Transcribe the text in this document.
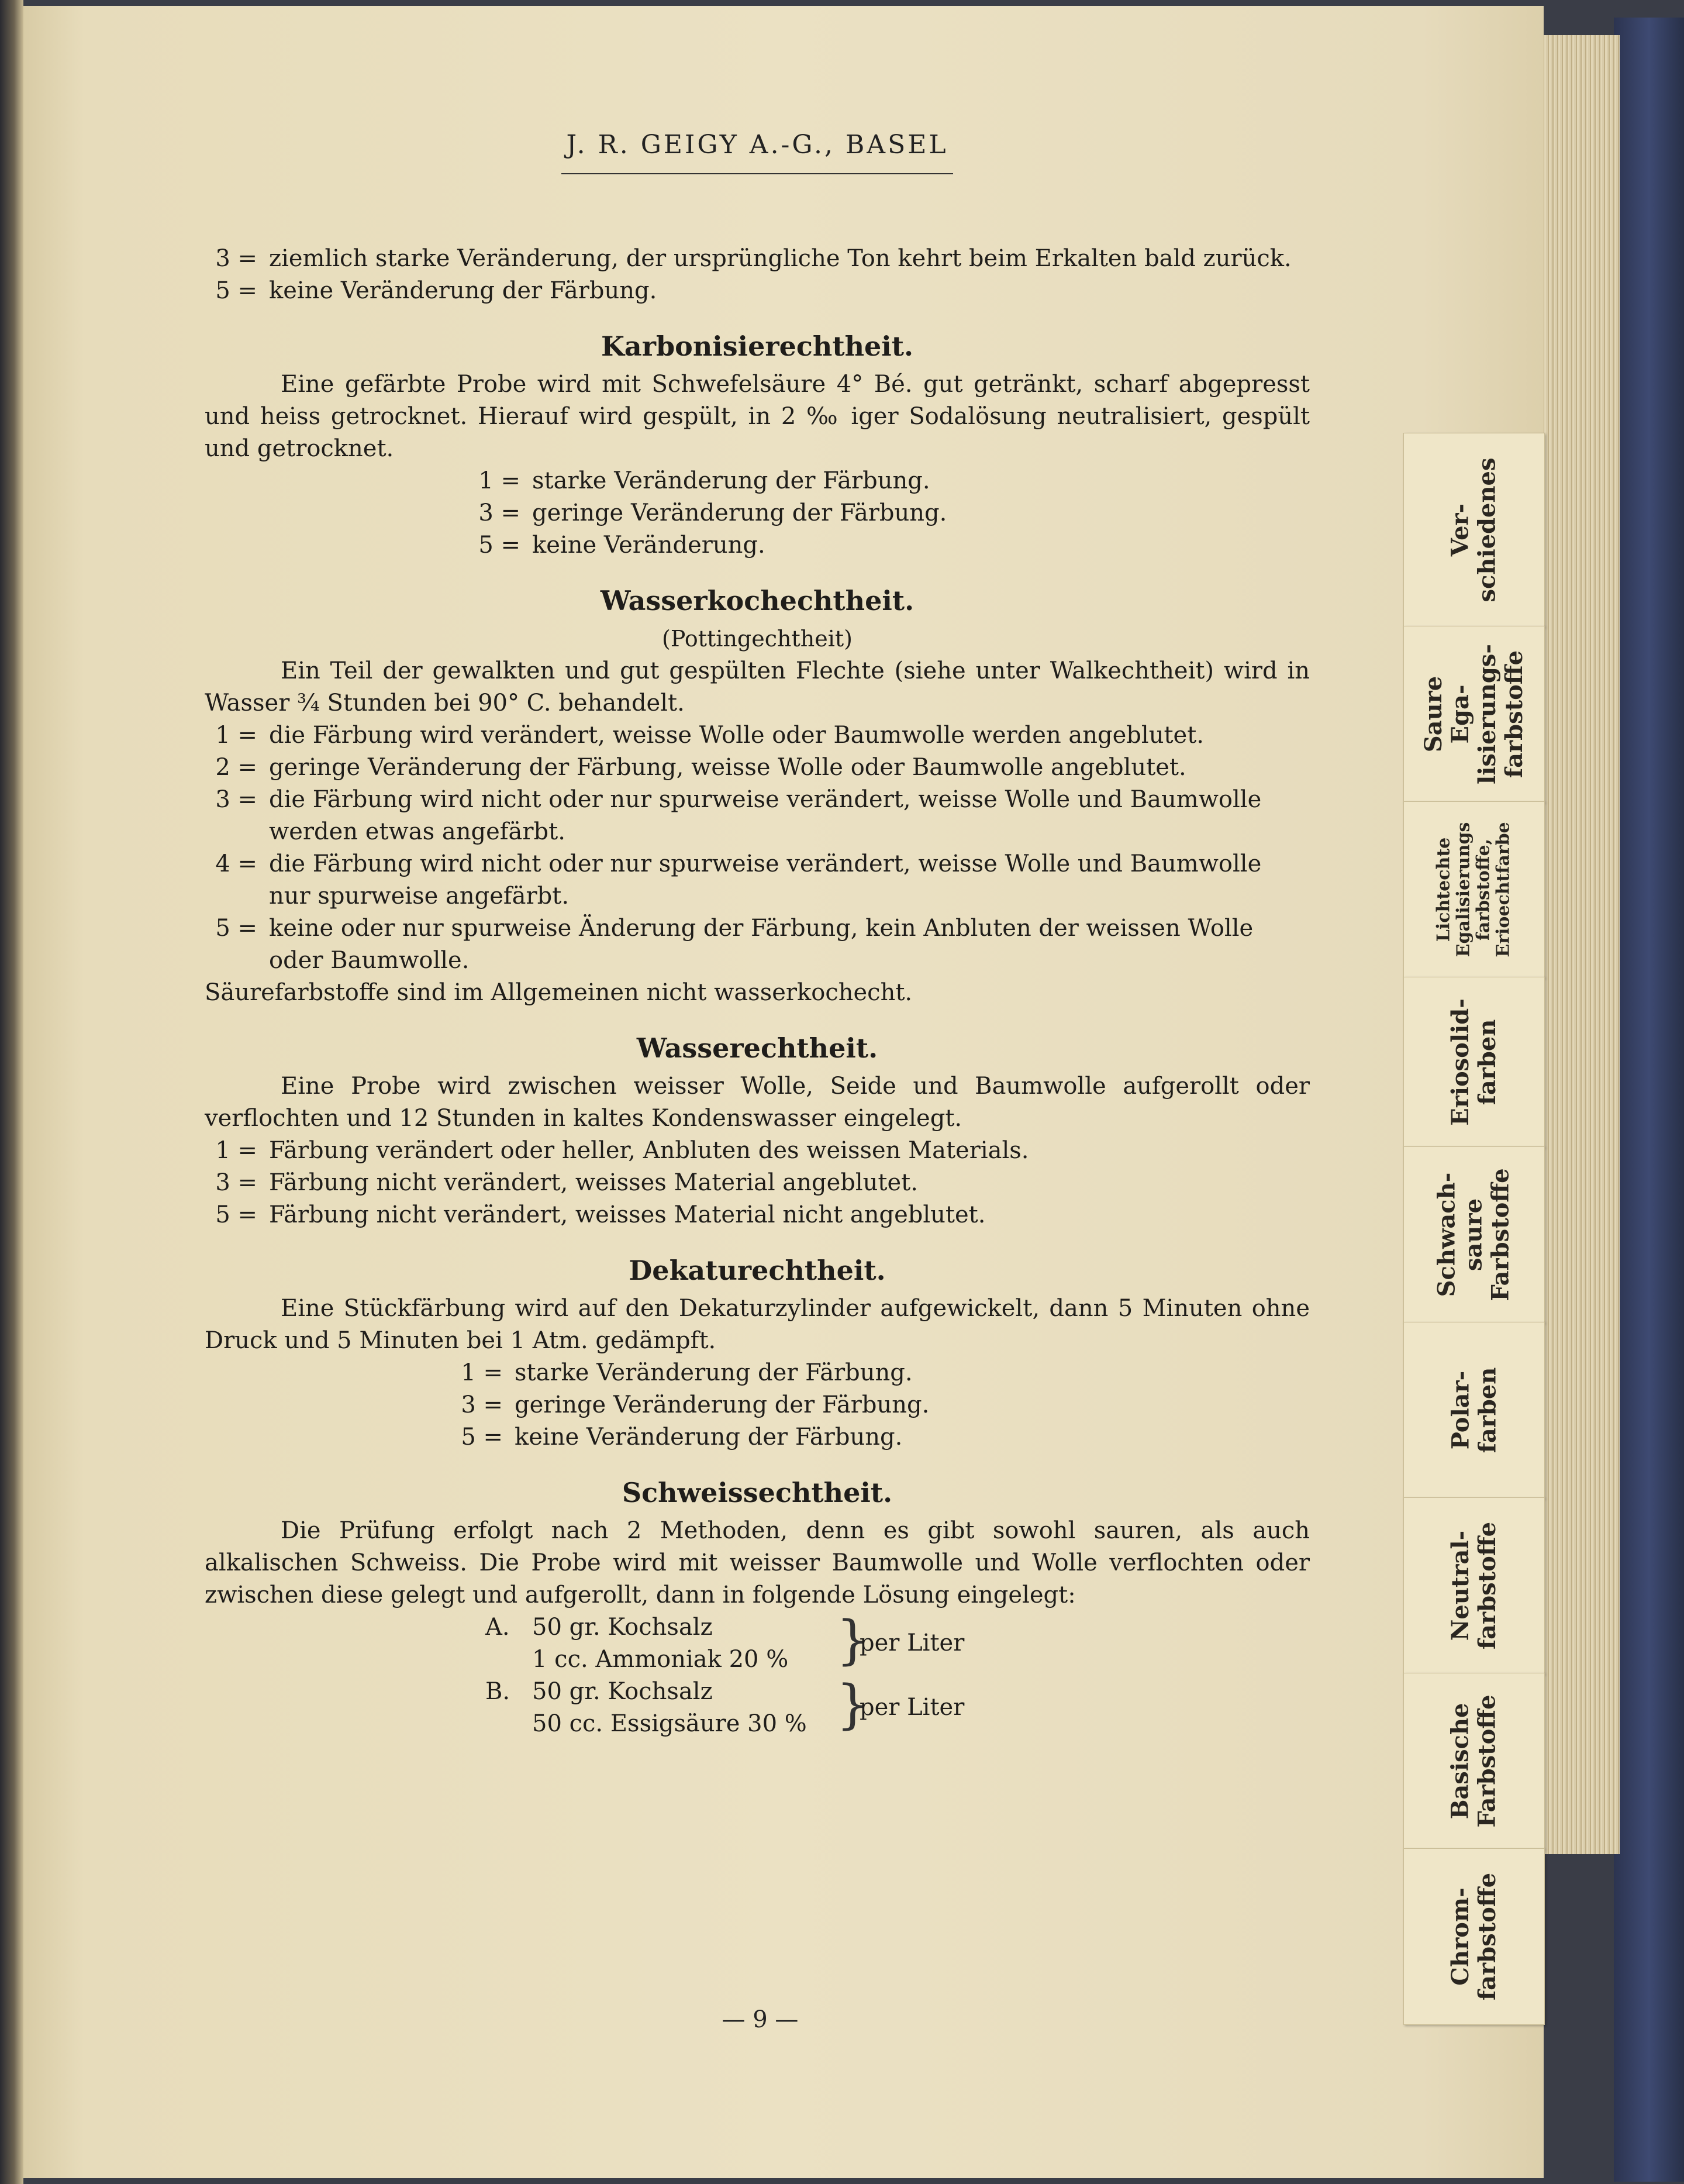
J. R. GEIGY A.-G., BASEL
3 = ziemlich starke Veränderung, der ursprüngliche Ton kehrt beim Erkalten bald zurück.
5 = keine Veränderung der Färbung.
Karbonisierechtheit.
Eine gefärbte Probe wird mit Schwefelsäure 4° Bé. gut getränkt, scharf abgepresst und heiss getrocknet. Hierauf wird gespült, in 2 ‰ iger Sodalösung neutralisiert, gespült und getrocknet.
1 = starke Veränderung der Färbung.
3 = geringe Veränderung der Färbung.
5 = keine Veränderung.
Wasserkochechtheit.
(Pottingechtheit)
Ein Teil der gewalkten und gut gespülten Flechte (siehe unter Walkechtheit) wird in Wasser ¾ Stunden bei 90° C. behandelt.
1 = die Färbung wird verändert, weisse Wolle oder Baumwolle werden angeblutet.
2 = geringe Veränderung der Färbung, weisse Wolle oder Baumwolle angeblutet.
3 = die Färbung wird nicht oder nur spurweise verändert, weisse Wolle und Baumwolle werden etwas angefärbt.
4 = die Färbung wird nicht oder nur spurweise verändert, weisse Wolle und Baumwolle nur spurweise angefärbt.
5 = keine oder nur spurweise Änderung der Färbung, kein Anbluten der weissen Wolle oder Baumwolle.
Säurefarbstoffe sind im Allgemeinen nicht wasserkochecht.
Wasserechtheit.
Eine Probe wird zwischen weisser Wolle, Seide und Baumwolle aufgerollt oder verflochten und 12 Stunden in kaltes Kondenswasser eingelegt.
1 = Färbung verändert oder heller, Anbluten des weissen Materials.
3 = Färbung nicht verändert, weisses Material angeblutet.
5 = Färbung nicht verändert, weisses Material nicht angeblutet.
Dekaturechtheit.
Eine Stückfärbung wird auf den Dekaturzylinder aufgewickelt, dann 5 Minuten ohne Druck und 5 Minuten bei 1 Atm. gedämpft.
1 = starke Veränderung der Färbung.
3 = geringe Veränderung der Färbung.
5 = keine Veränderung der Färbung.
Schweissechtheit.
Die Prüfung erfolgt nach 2 Methoden, denn es gibt sowohl sauren, als auch alkalischen Schweiss. Die Probe wird mit weisser Baumwolle und Wolle verflochten oder zwischen diese gelegt und aufgerollt, dann in folgende Lösung eingelegt:
A. 50 gr. Kochsalz
1 cc. Ammoniak 20 % }
per Liter
B. 50 gr. Kochsalz
50 cc. Essigsäure 30 % }
per Liter
— 9 —
Ver-
schiedenes
Saure Ega-
lisierungs-
farbstoffe
Lichtechte
Egalisierungs
farbstoffe,
Erioechtfarbe
Eriosolid-
farben
Schwach-
saure
Farbstoffe
Polar-
farben
Neutral-
farbstoffe
Basische
Farbstoffe
Chrom-
farbstoffe
